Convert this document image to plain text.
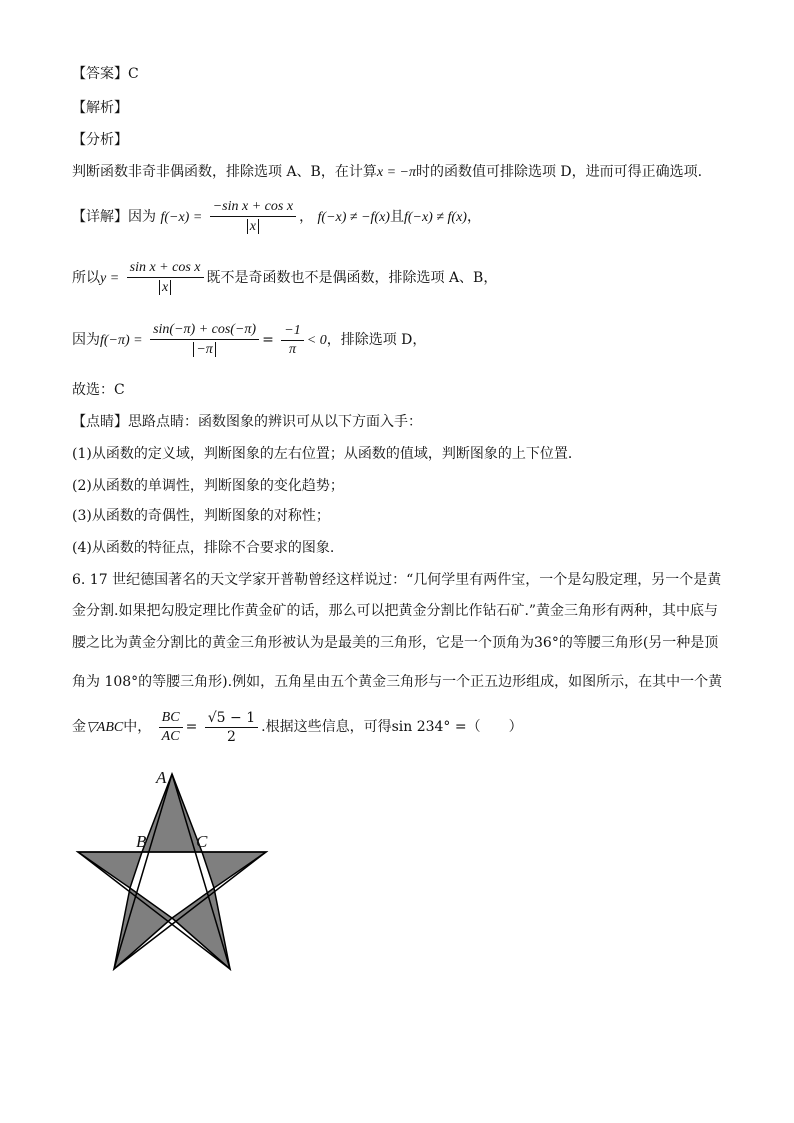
【答案】C
【解析】
【分析】
判断函数非奇非偶函数，排除选项 A、B，在计算x = −π时的函数值可排除选项 D，进而可得正确选项.
【详解】因为 $f(-x) = \frac{\text{−sin x + cos x}}{x}$ ， f(−x) ≠ −f(x)且f(−x) ≠ f(x)，
所以$y = \frac{\text{sin x + cos x}}{x}$ 既不是奇函数也不是偶函数，排除选项 A、B，
因为$f(-\pi) = \frac{\sin(-\pi) + \cos(-\pi)}{-\pi} = \frac{-1}{\pi} < 0$，排除选项 D，
故选：C
【点睛】思路点睛：函数图象的辨识可从以下方面入手：
(1)从函数的定义域，判断图象的左右位置；从函数的值域，判断图象的上下位置．
(2)从函数的单调性，判断图象的变化趋势；
(3)从函数的奇偶性，判断图象的对称性；
(4)从函数的特征点，排除不合要求的图象.
6. 17 世纪德国著名的天文学家开普勒曾经这样说过：“几何学里有两件宝，一个是勾股定理，另一个是黄
金分割.如果把勾股定理比作黄金矿的话，那么可以把黄金分割比作钻石矿.”黄金三角形有两种，其中底与
腰之比为黄金分割比的黄金三角形被认为是最美的三角形，它是一个顶角为36°的等腰三角形(另一种是顶
角为 108°的等腰三角形).例如，五角星由五个黄金三角形与一个正五边形组成，如图所示，在其中一个黄
金▽ABC中， $\frac{BC}{AC} = \frac{√5 - 1}{2}$ .根据这些信息，可得sin 234° =（　　）
A
B	C
